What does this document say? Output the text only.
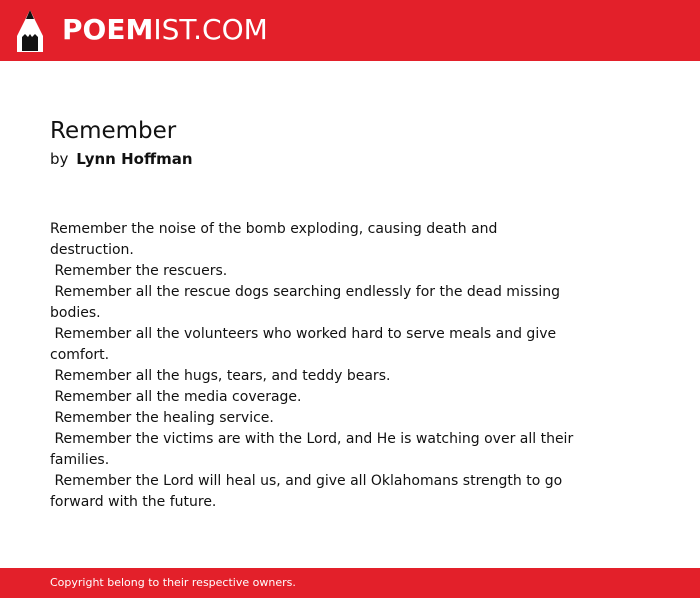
POEMIST.COM
Remember
by Lynn Hoffman
Remember the noise of the bomb exploding, causing death and destruction.
Remember the rescuers.
Remember all the rescue dogs searching endlessly for the dead missing bodies.
Remember all the volunteers who worked hard to serve meals and give comfort.
Remember all the hugs, tears, and teddy bears.
Remember all the media coverage.
Remember the healing service.
Remember the victims are with the Lord, and He is watching over all their families.
Remember the Lord will heal us, and give all Oklahomans strength to go forward with the future.
Copyright belong to their respective owners.
